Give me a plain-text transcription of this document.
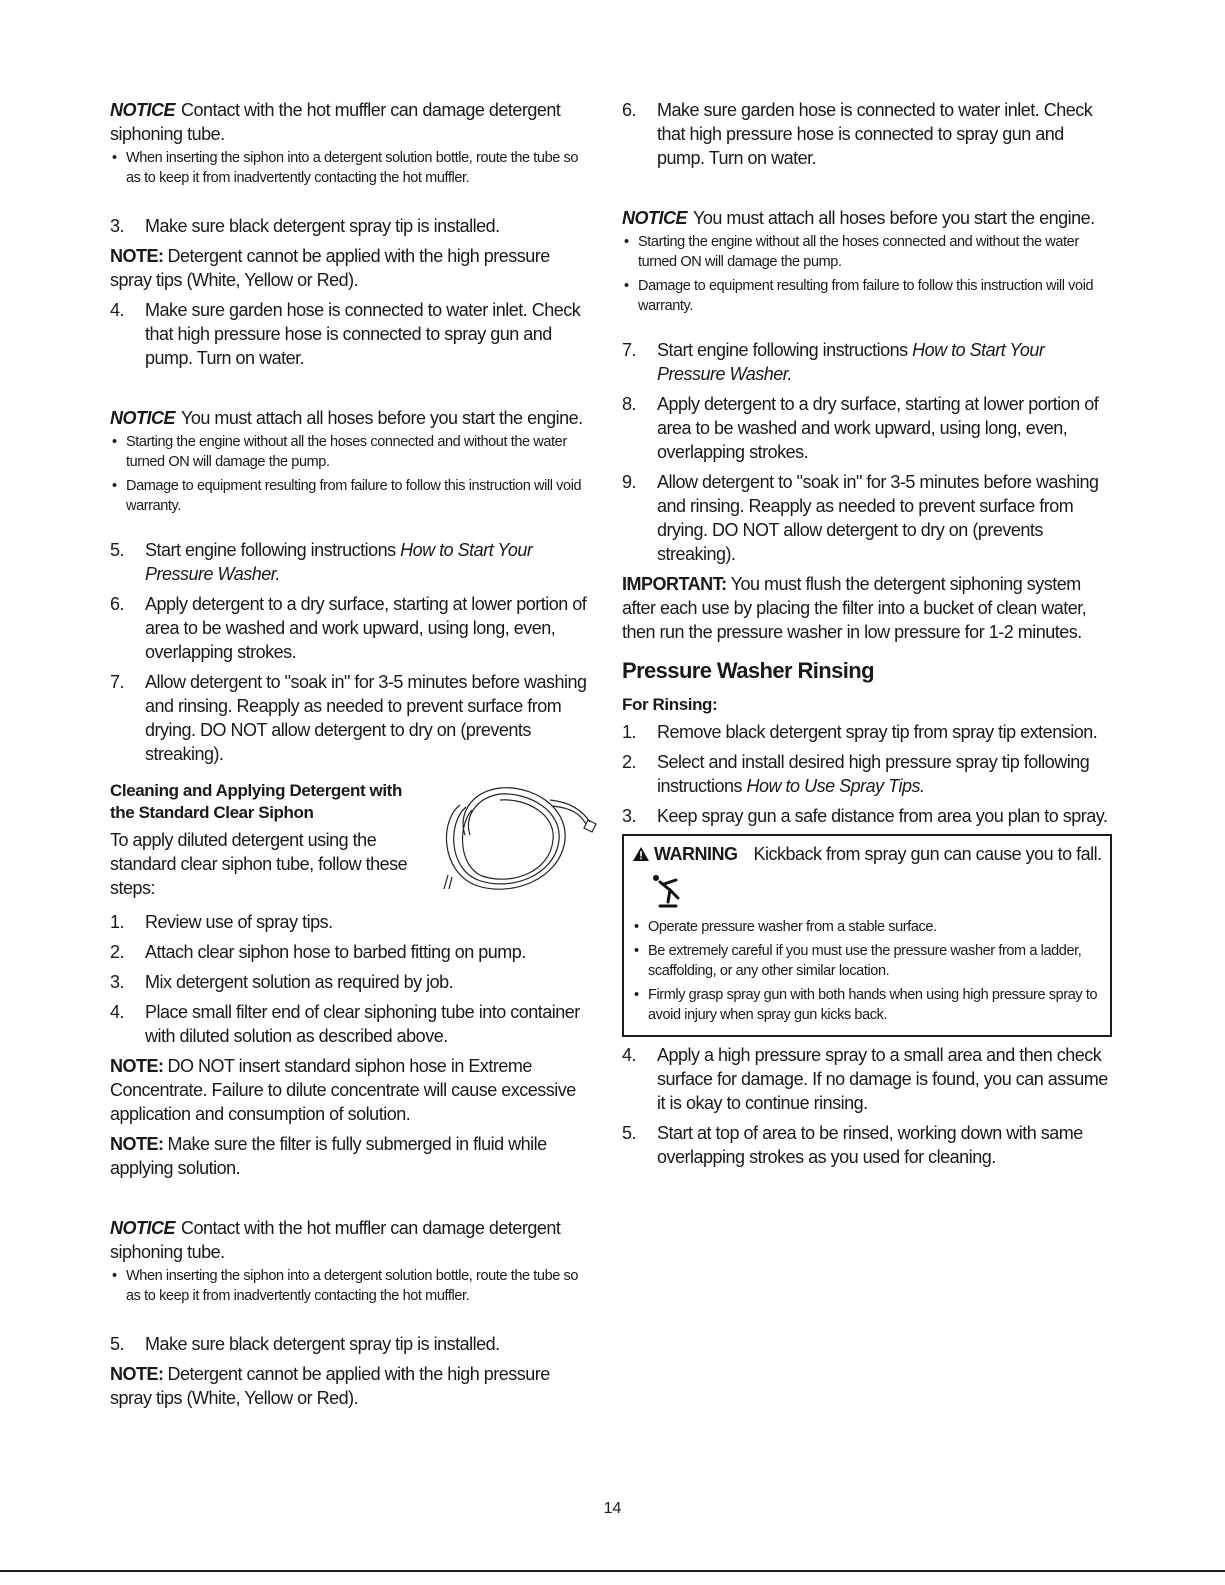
NOTICE Contact with the hot muffler can damage detergent siphoning tube.

• When inserting the siphon into a detergent solution bottle, route the tube so as to keep it from inadvertently contacting the hot muffler.
3.	Make sure black detergent spray tip is installed.

NOTE: Detergent cannot be applied with the high pressure spray tips (White, Yellow or Red).

4.	Make sure garden hose is connected to water inlet. Check that high pressure hose is connected to spray gun and pump. Turn on water.

NOTICE You must attach all hoses before you start the engine.

• Starting the engine without all the hoses connected and without the water turned ON will damage the pump.
• Damage to equipment resulting from failure to follow this instruction will void warranty.
5.	Start engine following instructions How to Start Your Pressure Washer.
6.	Apply detergent to a dry surface, starting at lower portion of area to be washed and work upward, using long, even, overlapping strokes.
7.	Allow detergent to "soak in" for 3-5 minutes before washing and rinsing. Reapply as needed to prevent surface from drying. DO NOT allow detergent to dry on (prevents streaking).
Cleaning and Applying Detergent with the Standard Clear Siphon

To apply diluted detergent using the standard clear siphon tube, follow these steps:

1.	Review use of spray tips.
2.	Attach clear siphon hose to barbed fitting on pump.
3.	Mix detergent solution as required by job.
4.	Place small filter end of clear siphoning tube into container with diluted solution as described above.

NOTE: DO NOT insert standard siphon hose in Extreme Concentrate. Failure to dilute concentrate will cause excessive application and consumption of solution.

NOTE: Make sure the filter is fully submerged in fluid while applying solution.

NOTICE Contact with the hot muffler can damage detergent siphoning tube.

• When inserting the siphon into a detergent solution bottle, route the tube so as to keep it from inadvertently contacting the hot muffler.
5.	Make sure black detergent spray tip is installed.

NOTE: Detergent cannot be applied with the high pressure spray tips (White, Yellow or Red).

6.	Make sure garden hose is connected to water inlet. Check that high pressure hose is connected to spray gun and pump. Turn on water.

NOTICE You must attach all hoses before you start the engine.

• Starting the engine without all the hoses connected and without the water turned ON will damage the pump.
• Damage to equipment resulting from failure to follow this instruction will void warranty.
7.	Start engine following instructions How to Start Your Pressure Washer.
8.	Apply detergent to a dry surface, starting at lower portion of area to be washed and work upward, using long, even, overlapping strokes.
9.	Allow detergent to "soak in" for 3-5 minutes before washing and rinsing. Reapply as needed to prevent surface from drying. DO NOT allow detergent to dry on (prevents streaking).

IMPORTANT: You must flush the detergent siphoning system after each use by placing the filter into a bucket of clean water, then run the pressure washer in low pressure for 1-2 minutes.

Pressure Washer Rinsing
For Rinsing:
1.	Remove black detergent spray tip from spray tip extension.
2.	Select and install desired high pressure spray tip following instructions How to Use Spray Tips.
3.	Keep spray gun a safe distance from area you plan to spray.
WARNING Kickback from spray gun can cause you to fall.
• Operate pressure washer from a stable surface.
• Be extremely careful if you must use the pressure washer from a ladder, scaffolding, or any other similar location.
• Firmly grasp spray gun with both hands when using high pressure spray to avoid injury when spray gun kicks back.
4.	Apply a high pressure spray to a small area and then check surface for damage. If no damage is found, you can assume it is okay to continue rinsing.
5.	Start at top of area to be rinsed, working down with same overlapping strokes as you used for cleaning.
14
